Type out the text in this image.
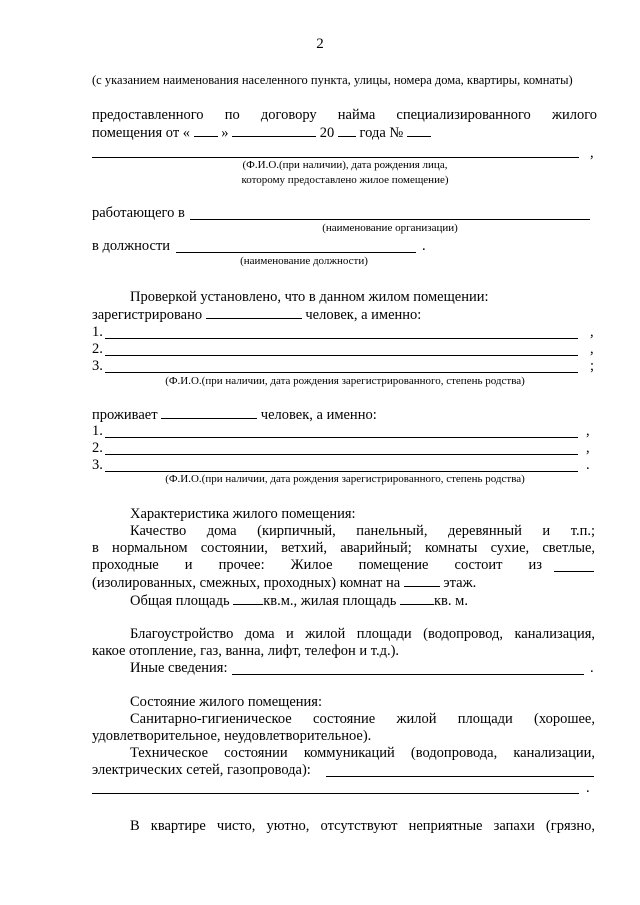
2
(с указанием наименования населенного пункта, улицы, номера дома, квартиры, комнаты)
предоставленного по договору найма специализированного жилого
помещения от « »	20 года №
,
(Ф.И.О.(при наличии), дата рождения лица,
которому предоставлено жилое помещение)
работающего в
(наименование организации)
в должности	.
(наименование должности)
Проверкой установлено, что в данном жилом помещении:
зарегистрировано	человек, а именно:
1.	,
2.	,
3.	;
(Ф.И.О.(при наличии, дата рождения зарегистрированного, степень родства)
проживает	человек, а именно:
1.	,
2.	,
3.	.
(Ф.И.О.(при наличии, дата рождения зарегистрированного, степень родства)
Характеристика жилого помещения:
Качество дома (кирпичный, панельный, деревянный и т.п.;
в нормальном состоянии, ветхий, аварийный; комнаты сухие, светлые,
проходные и прочее: Жилое помещение состоит из
(изолированных, смежных, проходных) комнат на	этаж.
Общая площадь кв.м., жилая площадь	кв. м.
Благоустройство дома и жилой площади (водопровод, канализация,
какое отопление, газ, ванна, лифт, телефон и т.д.).
Иные сведения:	.
Состояние жилого помещения:
Санитарно-гигиеническое состояние жилой площади (хорошее,
удовлетворительное, неудовлетворительное).
Техническое состоянии коммуникаций (водопровода, канализации,
электрических сетей, газопровода):
.
В квартире чисто, уютно, отсутствуют неприятные запахи (грязно,
